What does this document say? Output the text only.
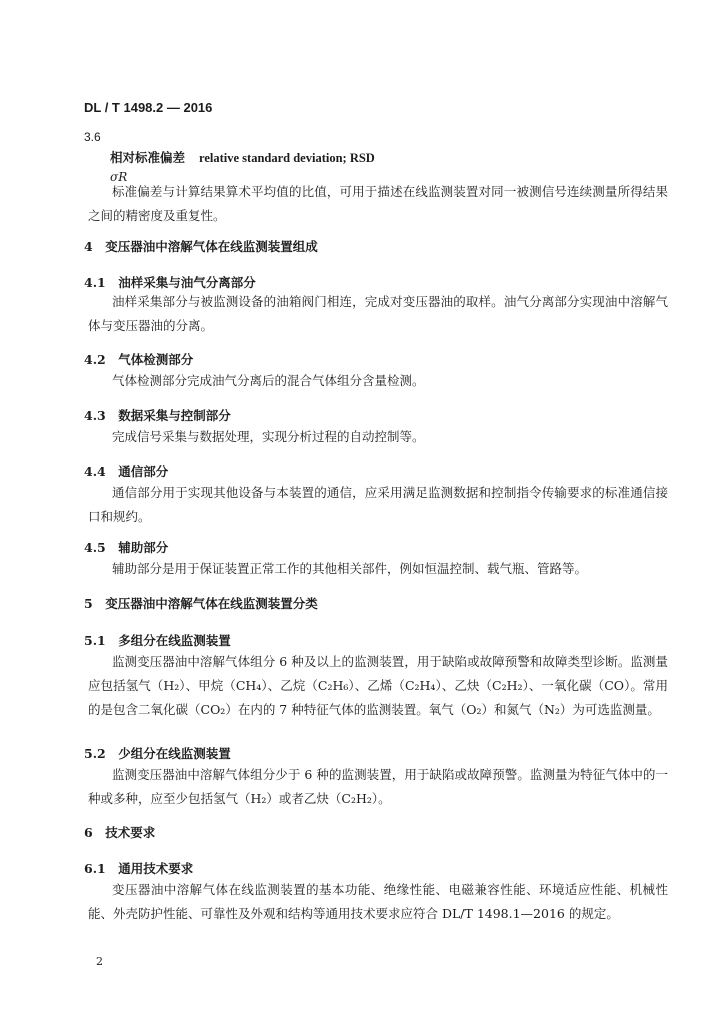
DL / T 1498.2 — 2016
3.6
相对标准偏差 relative standard deviation; RSD
σR
标准偏差与计算结果算术平均值的比值，可用于描述在线监测装置对同一被测信号连续测量所得结果之间的精密度及重复性。
4　变压器油中溶解气体在线监测装置组成
4.1　油样采集与油气分离部分
油样采集部分与被监测设备的油箱阀门相连，完成对变压器油的取样。油气分离部分实现油中溶解气体与变压器油的分离。
4.2　气体检测部分
气体检测部分完成油气分离后的混合气体组分含量检测。
4.3　数据采集与控制部分
完成信号采集与数据处理，实现分析过程的自动控制等。
4.4　通信部分
通信部分用于实现其他设备与本装置的通信，应采用满足监测数据和控制指令传输要求的标准通信接口和规约。
4.5　辅助部分
辅助部分是用于保证装置正常工作的其他相关部件，例如恒温控制、载气瓶、管路等。
5　变压器油中溶解气体在线监测装置分类
5.1　多组分在线监测装置
监测变压器油中溶解气体组分 6 种及以上的监测装置，用于缺陷或故障预警和故障类型诊断。监测量应包括氢气（H₂）、甲烷（CH₄）、乙烷（C₂H₆）、乙烯（C₂H₄）、乙炔（C₂H₂）、一氧化碳（CO）。常用的是包含二氧化碳（CO₂）在内的 7 种特征气体的监测装置。氧气（O₂）和氮气（N₂）为可选监测量。
5.2　少组分在线监测装置
监测变压器油中溶解气体组分少于 6 种的监测装置，用于缺陷或故障预警。监测量为特征气体中的一种或多种，应至少包括氢气（H₂）或者乙炔（C₂H₂）。
6　技术要求
6.1　通用技术要求
变压器油中溶解气体在线监测装置的基本功能、绝缘性能、电磁兼容性能、环境适应性能、机械性能、外壳防护性能、可靠性及外观和结构等通用技术要求应符合 DL/T 1498.1—2016 的规定。
2
